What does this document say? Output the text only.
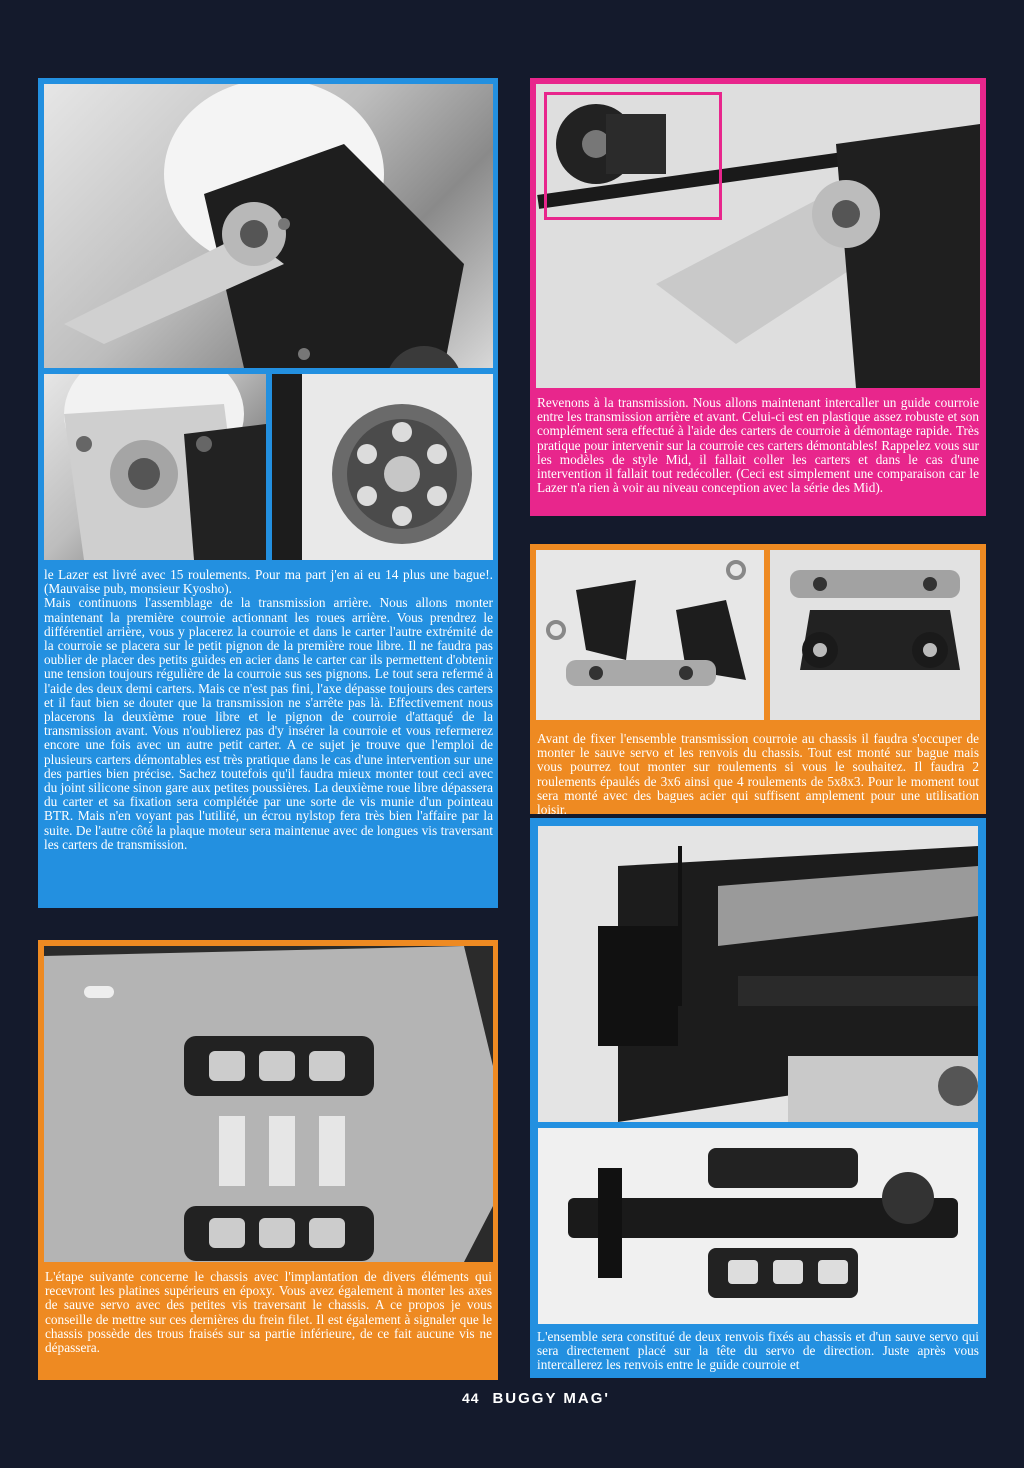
le Lazer est livré avec 15 roulements. Pour ma part j'en ai eu 14 plus une bague!.(Mauvaise pub, monsieur Kyosho).

Mais continuons l'assemblage de la transmission arrière. Nous allons monter maintenant la première courroie actionnant les roues arrière. Vous prendrez le différentiel arrière, vous y placerez la courroie et dans le carter l'autre extrémité de la courroie se placera sur le petit pignon de la première roue libre. Il ne faudra pas oublier de placer des petits guides en acier dans le carter car ils permettent d'obtenir une tension toujours régulière de la courroie sus ses pignons. Le tout sera refermé à l'aide des deux demi carters. Mais ce n'est pas fini, l'axe dépasse toujours des carters et il faut bien se douter que la transmission ne s'arrête pas là. Effectivement nous placerons la deuxième roue libre et le pignon de courroie d'attaqué de la transmission avant. Vous n'oublierez pas d'y insérer la courroie et vous refermerez encore une fois avec un autre petit carter. A ce sujet je trouve que l'emploi de plusieurs carters démontables est très pratique dans le cas d'une intervention sur une des parties bien précise. Sachez toutefois qu'il faudra mieux monter tout ceci avec du joint silicone sinon gare aux petites poussières. La deuxième roue libre dépassera du carter et sa fixation sera complétée par une sorte de vis munie d'un pointeau BTR. Mais n'en voyant pas l'utilité, un écrou nylstop fera très bien l'affaire par la suite. De l'autre côté la plaque moteur sera maintenue avec de longues vis traversant les carters de transmission.

Revenons à la transmission. Nous allons maintenant intercaller un guide courroie entre les transmission arrière et avant. Celui-ci est en plastique assez robuste et son complément sera effectué à l'aide des carters de courroie à démontage rapide. Très pratique pour intervenir sur la courroie ces carters démontables! Rappelez vous sur les modèles de style Mid, il fallait coller les carters et dans le cas d'une intervention il fallait tout redécoller. (Ceci est simplement une comparaison car le Lazer n'a rien à voir au niveau conception avec la série des Mid).

Avant de fixer l'ensemble transmission courroie au chassis il faudra s'occuper de monter le sauve servo et les renvois du chassis. Tout est monté sur bague mais vous pourrez tout monter sur roulements si vous le souhaitez. Il faudra 2 roulements épaulés de 3x6 ainsi que 4 roulements de 5x8x3. Pour le moment tout sera monté avec des bagues acier qui suffisent amplement pour une utilisation loisir.

L'étape suivante concerne le chassis avec l'implantation de divers éléments qui recevront les platines supérieurs en époxy. Vous avez également à monter les axes de sauve servo avec des petites vis traversant le chassis. A ce propos je vous conseille de mettre sur ces dernières du frein filet. Il est également à signaler que le chassis possède des trous fraisés sur sa partie inférieure, de ce fait aucune vis ne dépassera.

L'ensemble sera constitué de deux renvois fixés au chassis et d'un sauve servo qui sera directement placé sur la tête du servo de direction. Juste après vous intercallerez les renvois entre le guide courroie et

44 BUGGY MAG'
